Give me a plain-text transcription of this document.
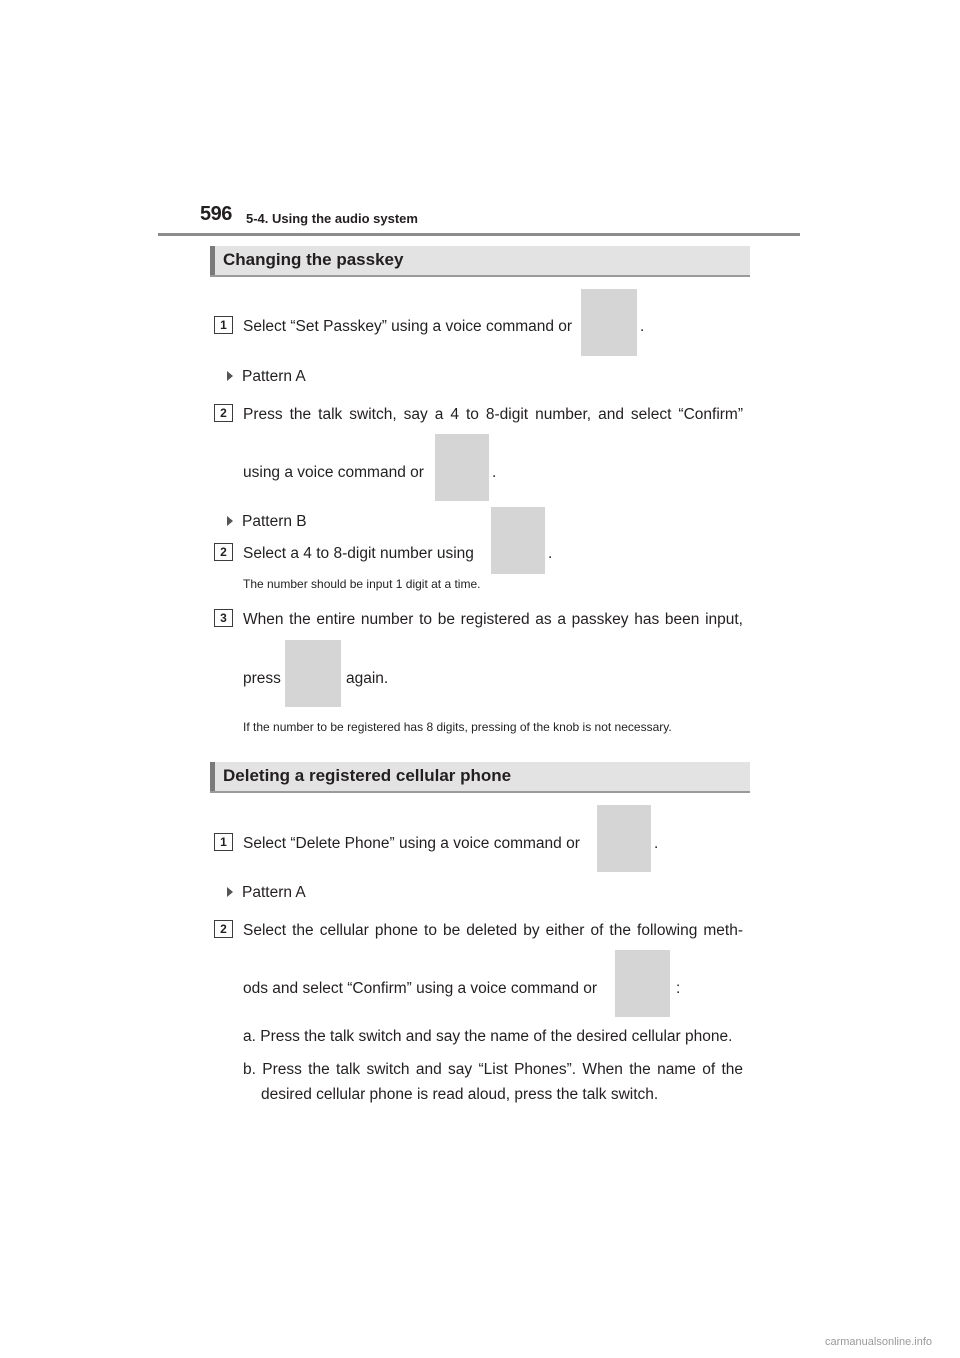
596 5-4. Using the audio system
Changing the passkey
1	Select “Set Passkey” using a voice command or	.
Pattern A
2	Press the talk switch, say a 4 to 8-digit number, and select “Confirm”
using a voice command or	.
Pattern B
2	Select a 4 to 8-digit number using	.
The number should be input 1 digit at a time.
3	When the entire number to be registered as a passkey has been input,
press	again.
If the number to be registered has 8 digits, pressing of the knob is not necessary.
Deleting a registered cellular phone
1	Select “Delete Phone” using a voice command or	.
Pattern A
2	Select the cellular phone to be deleted by either of the following meth-
ods and select “Confirm” using a voice command or	:
a. Press the talk switch and say the name of the desired cellular phone.
b. Press the talk switch and say “List Phones”. When the name of the
desired cellular phone is read aloud, press the talk switch.
carmanualsonline.info
